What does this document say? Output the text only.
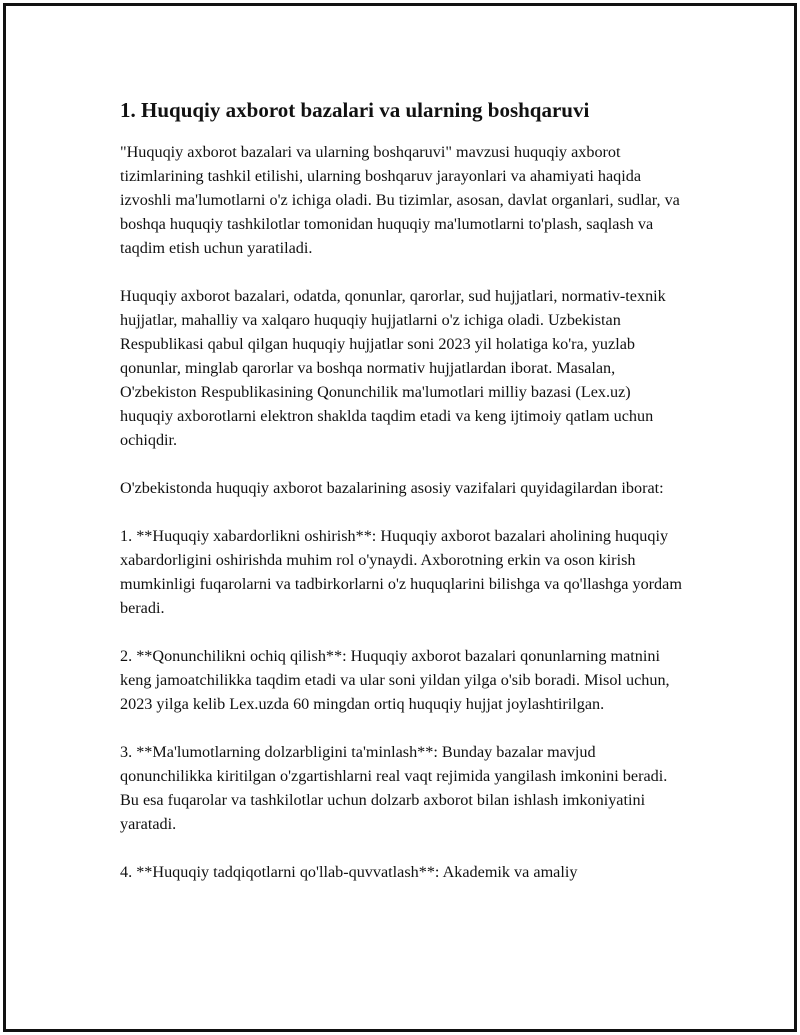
1. Huquqiy axborot bazalari va ularning boshqaruvi

"Huquqiy axborot bazalari va ularning boshqaruvi" mavzusi huquqiy axborot tizimlarining tashkil etilishi, ularning boshqaruv jarayonlari va ahamiyati haqida izvoshli ma'lumotlarni o'z ichiga oladi. Bu tizimlar, asosan, davlat organlari, sudlar, va boshqa huquqiy tashkilotlar tomonidan huquqiy ma'lumotlarni to'plash, saqlash va taqdim etish uchun yaratiladi.

Huquqiy axborot bazalari, odatda, qonunlar, qarorlar, sud hujjatlari, normativ-texnik hujjatlar, mahalliy va xalqaro huquqiy hujjatlarni o'z ichiga oladi. Uzbekistan Respublikasi qabul qilgan huquqiy hujjatlar soni 2023 yil holatiga ko'ra, yuzlab qonunlar, minglab qarorlar va boshqa normativ hujjatlardan iborat. Masalan, O'zbekiston Respublikasining Qonunchilik ma'lumotlari milliy bazasi (Lex.uz) huquqiy axborotlarni elektron shaklda taqdim etadi va keng ijtimoiy qatlam uchun ochiqdir.

O'zbekistonda huquqiy axborot bazalarining asosiy vazifalari quyidagilardan iborat:

1. **Huquqiy xabardorlikni oshirish**: Huquqiy axborot bazalari aholining huquqiy xabardorligini oshirishda muhim rol o'ynaydi. Axborotning erkin va oson kirish mumkinligi fuqarolarni va tadbirkorlarni o'z huquqlarini bilishga va qo'llashga yordam beradi.

2. **Qonunchilikni ochiq qilish**: Huquqiy axborot bazalari qonunlarning matnini keng jamoatchilikka taqdim etadi va ular soni yildan yilga o'sib boradi. Misol uchun, 2023 yilga kelib Lex.uzda 60 mingdan ortiq huquqiy hujjat joylashtirilgan.

3. **Ma'lumotlarning dolzarbligini ta'minlash**: Bunday bazalar mavjud qonunchilikka kiritilgan o'zgartishlarni real vaqt rejimida yangilash imkonini beradi. Bu esa fuqarolar va tashkilotlar uchun dolzarb axborot bilan ishlash imkoniyatini yaratadi.

4. **Huquqiy tadqiqotlarni qo'llab-quvvatlash**: Akademik va amaliy
